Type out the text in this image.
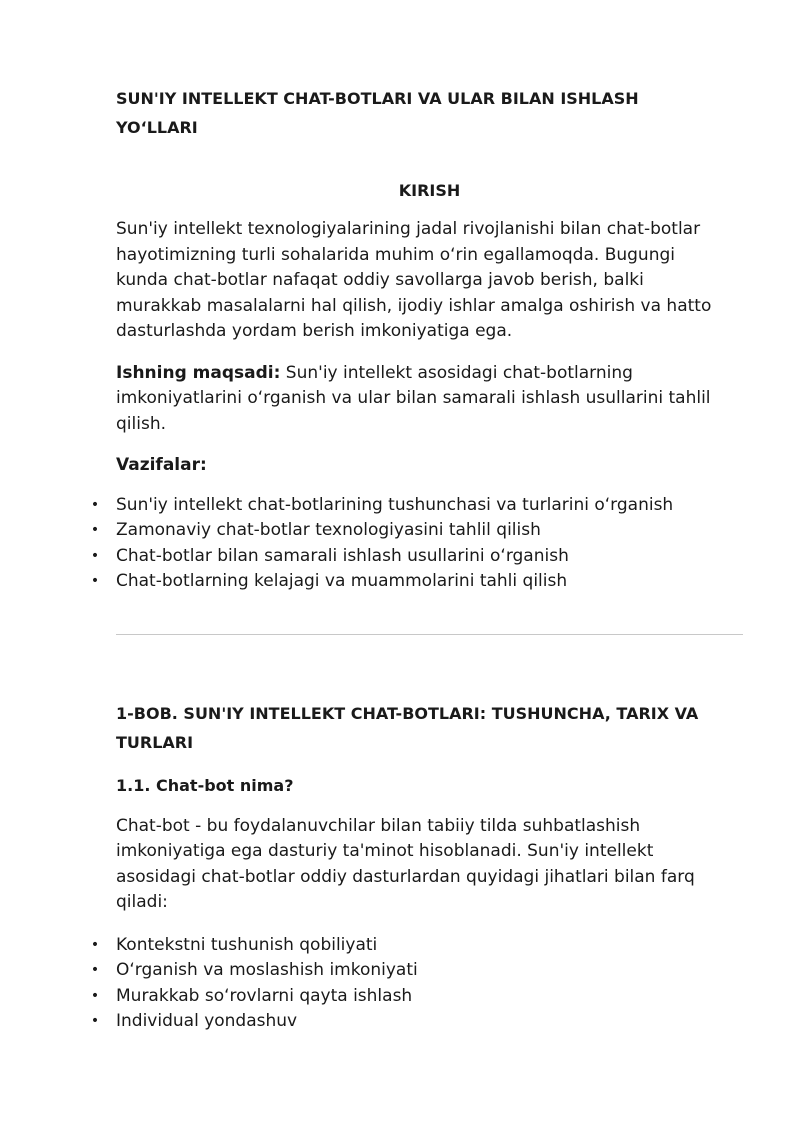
SUN'IY INTELLEKT CHAT-BOTLARI VA ULAR BILAN ISHLASH
YO‘LLARI
KIRISH

Sun'iy intellekt texnologiyalarining jadal rivojlanishi bilan chat-botlar
hayotimizning turli sohalarida muhim o‘rin egallamoqda. Bugungi
kunda chat-botlar nafaqat oddiy savollarga javob berish, balki
murakkab masalalarni hal qilish, ijodiy ishlar amalga oshirish va hatto
dasturlashda yordam berish imkoniyatiga ega.

Ishning maqsadi: Sun'iy intellekt asosidagi chat-botlarning
imkoniyatlarini o‘rganish va ular bilan samarali ishlash usullarini tahlil
qilish.

Vazifalar:

• Sun'iy intellekt chat-botlarining tushunchasi va turlarini o‘rganish
• Zamonaviy chat-botlar texnologiyasini tahlil qilish
• Chat-botlar bilan samarali ishlash usullarini o‘rganish
• Chat-botlarning kelajagi va muammolarini tahli qilish
1-BOB. SUN'IY INTELLEKT CHAT-BOTLARI: TUSHUNCHA, TARIX VA
TURLARI
1.1. Chat-bot nima?

Chat-bot - bu foydalanuvchilar bilan tabiiy tilda suhbatlashish
imkoniyatiga ega dasturiy ta'minot hisoblanadi. Sun'iy intellekt
asosidagi chat-botlar oddiy dasturlardan quyidagi jihatlari bilan farq
qiladi:

• Kontekstni tushunish qobiliyati
• O‘rganish va moslashish imkoniyati
• Murakkab so‘rovlarni qayta ishlash
• Individual yondashuv
